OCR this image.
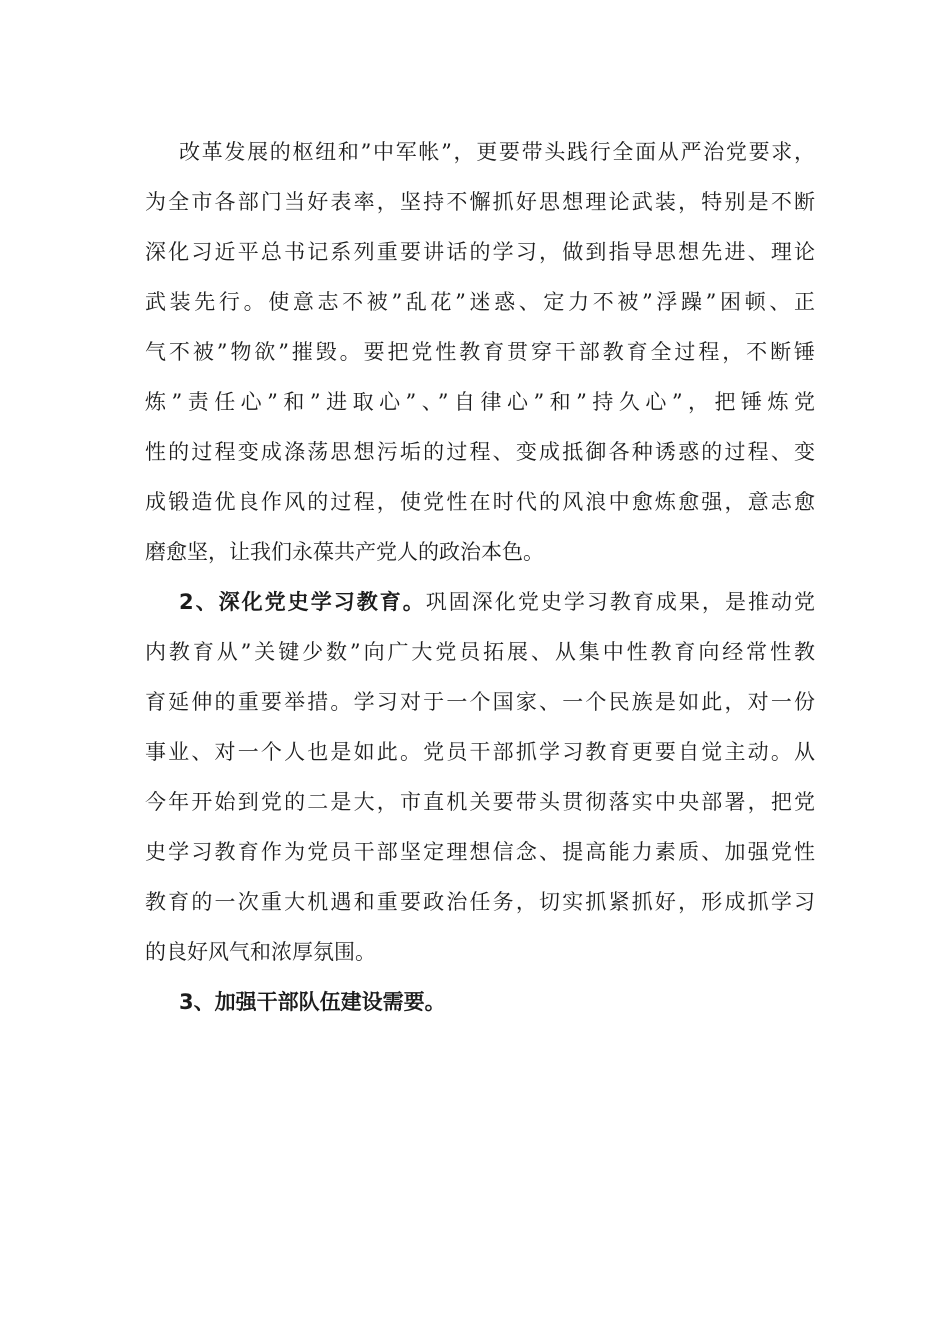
改革发展的枢纽和”中军帐”，更要带头践行全面从严治党要求，
为全市各部门当好表率，坚持不懈抓好思想理论武装，特别是不断
深化习近平总书记系列重要讲话的学习，做到指导思想先进、理论
武装先行。使意志不被”乱花”迷惑、定力不被”浮躁”困顿、正
气不被”物欲”摧毁。要把党性教育贯穿干部教育全过程，不断锤
炼”责任心”和”进取心”、”自律心”和”持久心”，把锤炼党
性的过程变成涤荡思想污垢的过程、变成抵御各种诱惑的过程、变
成锻造优良作风的过程，使党性在时代的风浪中愈炼愈强，意志愈
磨愈坚，让我们永葆共产党人的政治本色。
2、深化党史学习教育。巩固深化党史学习教育成果，是推动党
内教育从”关键少数”向广大党员拓展、从集中性教育向经常性教
育延伸的重要举措。学习对于一个国家、一个民族是如此，对一份
事业、对一个人也是如此。党员干部抓学习教育更要自觉主动。从
今年开始到党的二是大，市直机关要带头贯彻落实中央部署，把党
史学习教育作为党员干部坚定理想信念、提高能力素质、加强党性
教育的一次重大机遇和重要政治任务，切实抓紧抓好，形成抓学习
的良好风气和浓厚氛围。
3、加强干部队伍建设需要。
